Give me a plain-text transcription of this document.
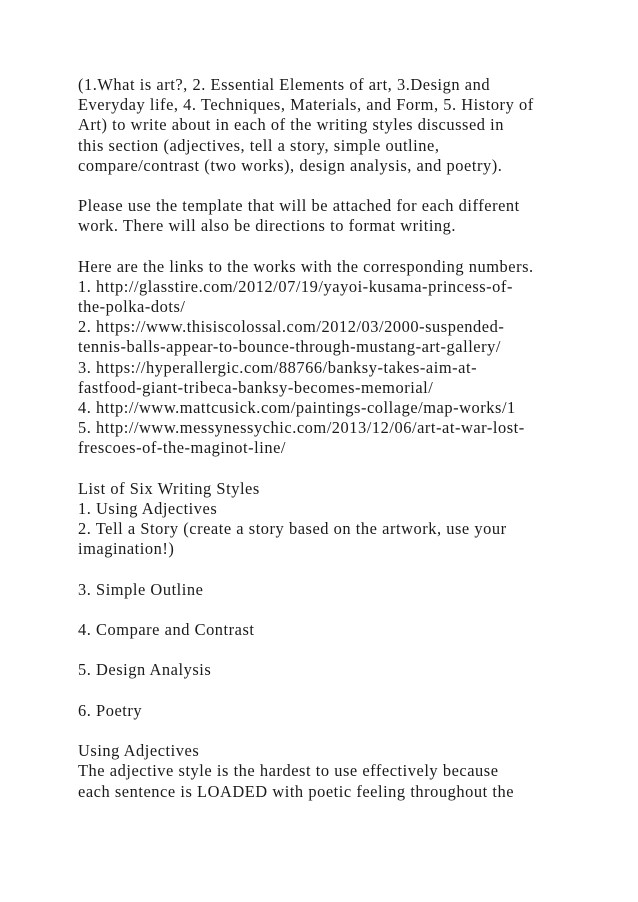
(1.What is art?, 2. Essential Elements of art, 3.Design and
Everyday life, 4. Techniques, Materials, and Form, 5. History of
Art) to write about in each of the writing styles discussed in
this section (adjectives, tell a story, simple outline,
compare/contrast (two works), design analysis, and poetry).
Please use the template that will be attached for each different
work. There will also be directions to format writing.
Here are the links to the works with the corresponding numbers.
1. http://glasstire.com/2012/07/19/yayoi-kusama-princess-of-
the-polka-dots/
2. https://www.thisiscolossal.com/2012/03/2000-suspended-
tennis-balls-appear-to-bounce-through-mustang-art-gallery/
3. https://hyperallergic.com/88766/banksy-takes-aim-at-
fastfood-giant-tribeca-banksy-becomes-memorial/
4. http://www.mattcusick.com/paintings-collage/map-works/1
5. http://www.messynessychic.com/2013/12/06/art-at-war-lost-
frescoes-of-the-maginot-line/
List of Six Writing Styles
1. Using Adjectives
2. Tell a Story (create a story based on the artwork, use your
imagination!)
3. Simple Outline
4. Compare and Contrast
5. Design Analysis
6. Poetry
Using Adjectives
The adjective style is the hardest to use effectively because
each sentence is LOADED with poetic feeling throughout the
